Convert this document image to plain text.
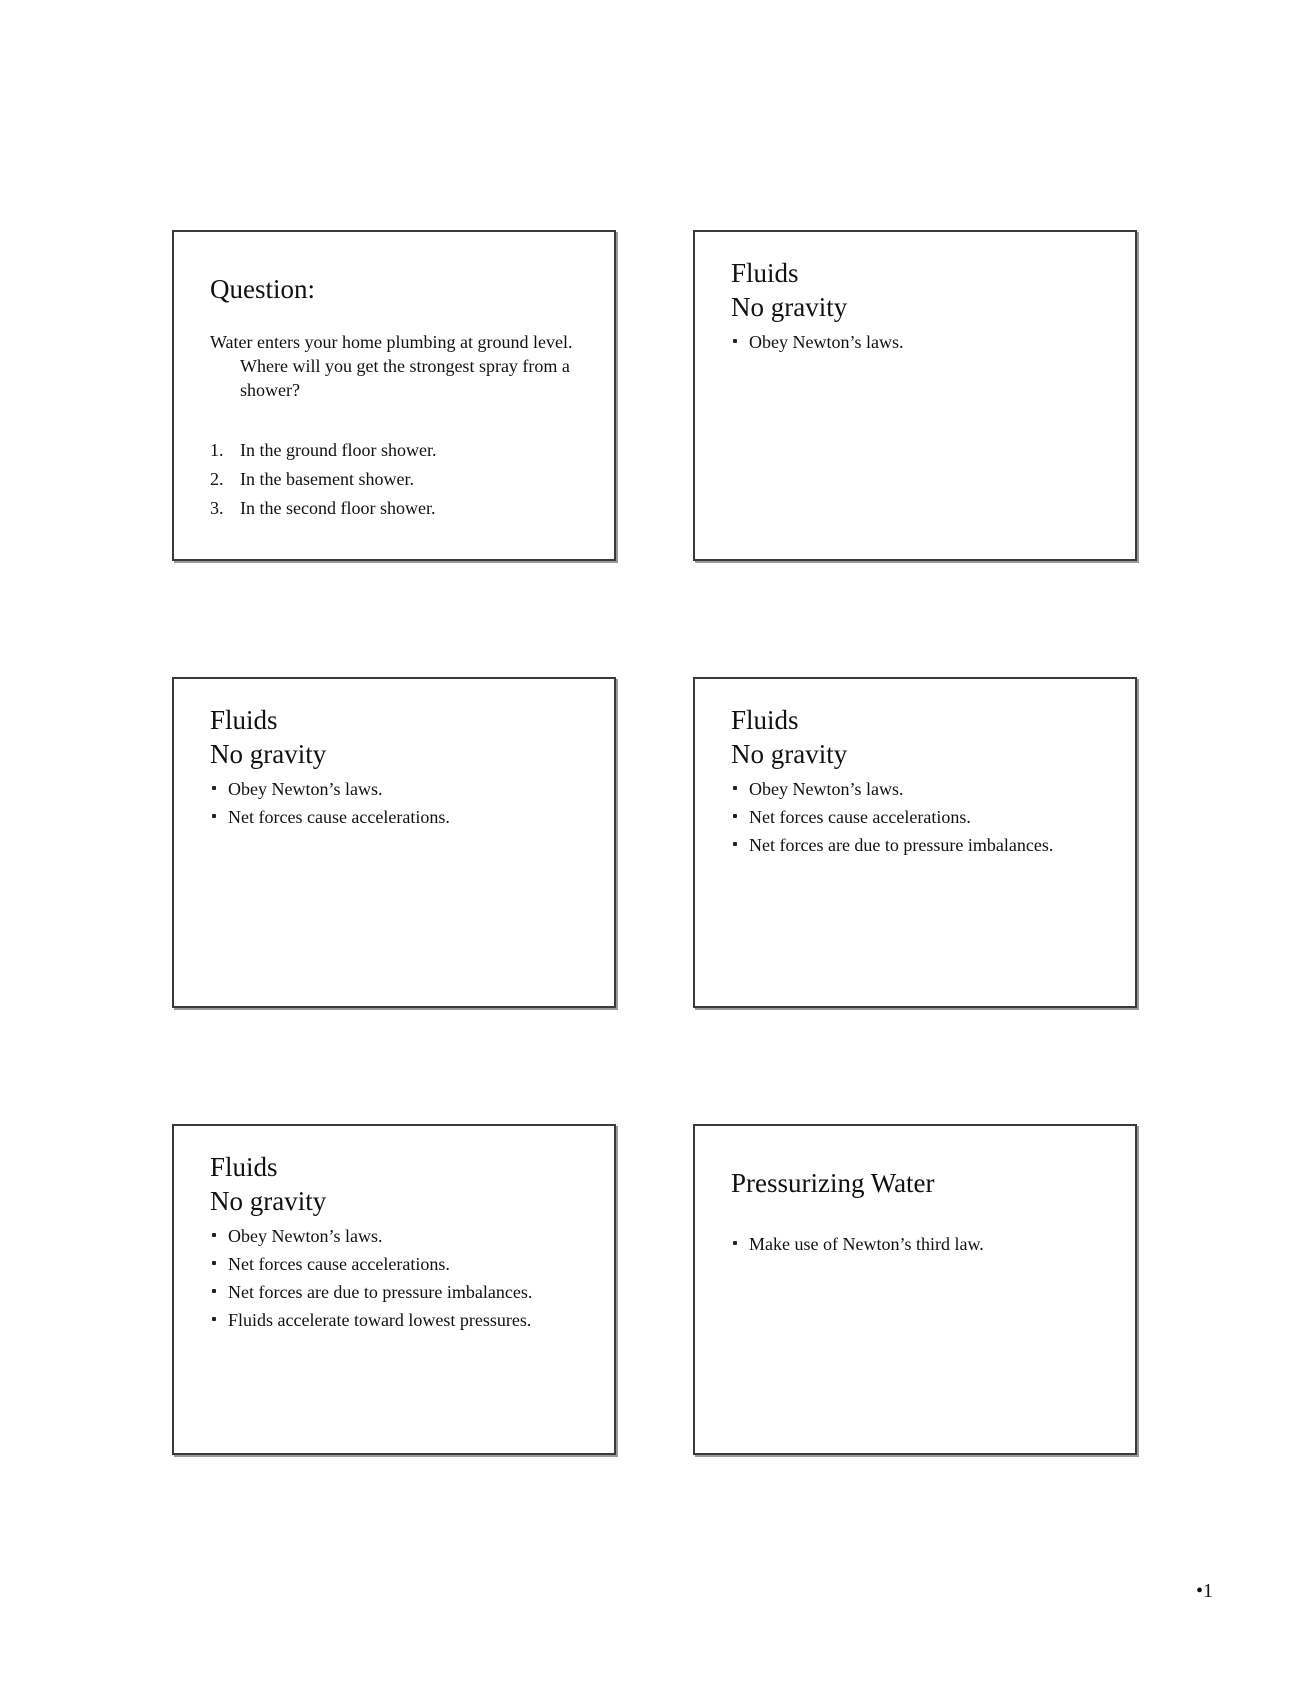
Question:

Water enters your home plumbing at ground level. Where will you get the strongest spray from a shower?

1. In the ground floor shower.
2. In the basement shower.
3. In the second floor shower.
Fluids
No gravity
Obey Newton’s laws.
Fluids
No gravity
Obey Newton’s laws.
Net forces cause accelerations.
Fluids
No gravity
Obey Newton’s laws.
Net forces cause accelerations.
Net forces are due to pressure imbalances.
Fluids
No gravity
Obey Newton’s laws.
Net forces cause accelerations.
Net forces are due to pressure imbalances.
Fluids accelerate toward lowest pressures.
Pressurizing Water
Make use of Newton’s third law.
•1
